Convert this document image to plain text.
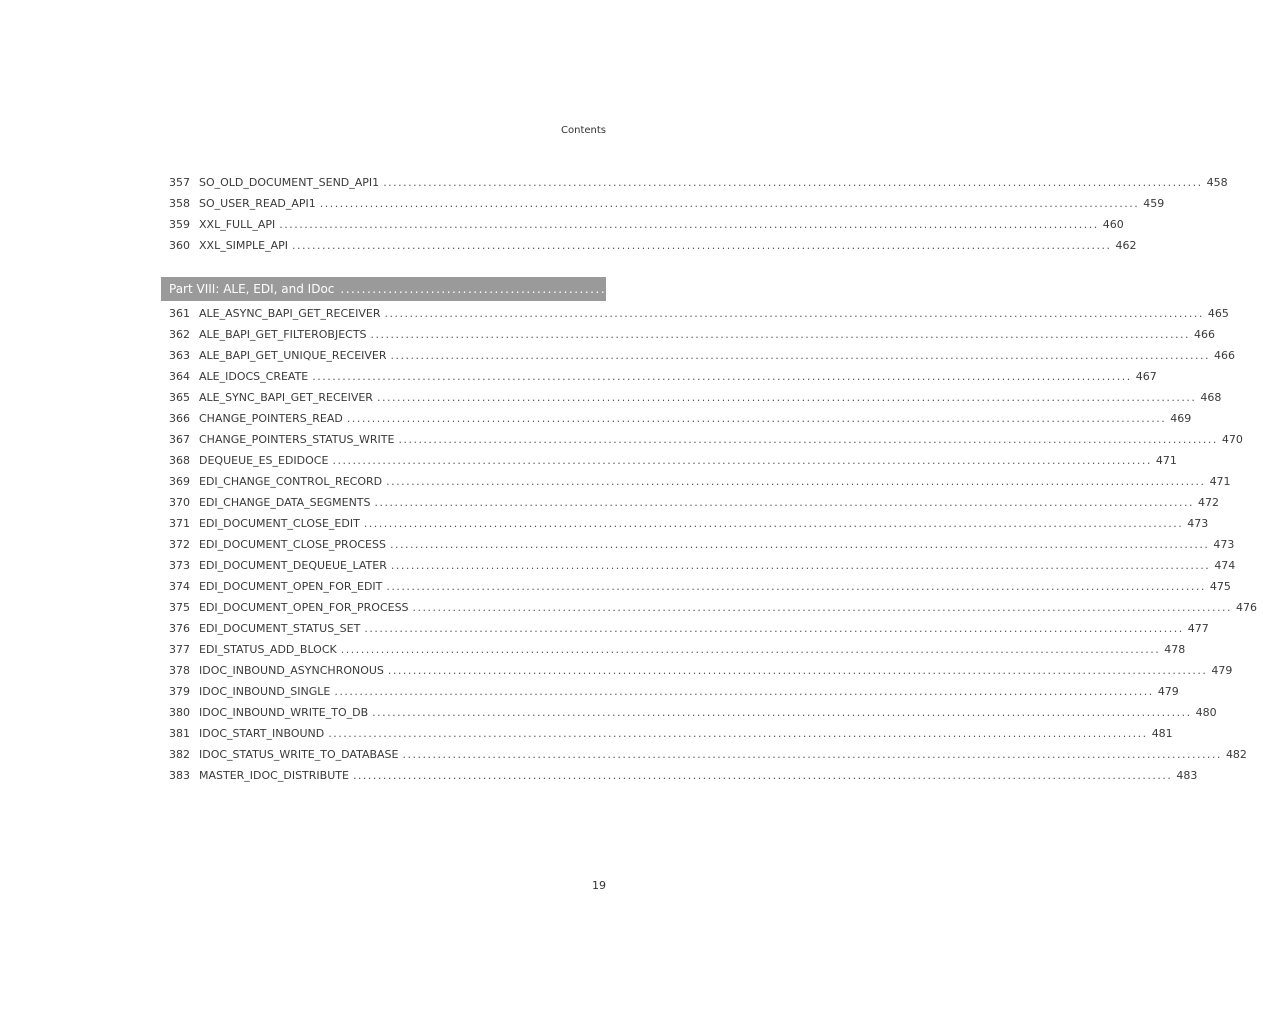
Contents
357 SO_OLD_DOCUMENT_SEND_API1 .................................................................................................................................................................... 458
358 SO_USER_READ_API1 .................................................................................................................................................................... 459
359 XXL_FULL_API .................................................................................................................................................................... 460
360 XXL_SIMPLE_API .................................................................................................................................................................... 462
Part VIII: ALE, EDI, and IDoc .................................................................................................................................................................... 463
361 ALE_ASYNC_BAPI_GET_RECEIVER .................................................................................................................................................................... 465
362 ALE_BAPI_GET_FILTEROBJECTS .................................................................................................................................................................... 466
363 ALE_BAPI_GET_UNIQUE_RECEIVER .................................................................................................................................................................... 466
364 ALE_IDOCS_CREATE .................................................................................................................................................................... 467
365 ALE_SYNC_BAPI_GET_RECEIVER .................................................................................................................................................................... 468
366 CHANGE_POINTERS_READ .................................................................................................................................................................... 469
367 CHANGE_POINTERS_STATUS_WRITE .................................................................................................................................................................... 470
368 DEQUEUE_ES_EDIDOCE .................................................................................................................................................................... 471
369 EDI_CHANGE_CONTROL_RECORD .................................................................................................................................................................... 471
370 EDI_CHANGE_DATA_SEGMENTS .................................................................................................................................................................... 472
371 EDI_DOCUMENT_CLOSE_EDIT .................................................................................................................................................................... 473
372 EDI_DOCUMENT_CLOSE_PROCESS .................................................................................................................................................................... 473
373 EDI_DOCUMENT_DEQUEUE_LATER .................................................................................................................................................................... 474
374 EDI_DOCUMENT_OPEN_FOR_EDIT .................................................................................................................................................................... 475
375 EDI_DOCUMENT_OPEN_FOR_PROCESS .................................................................................................................................................................... 476
376 EDI_DOCUMENT_STATUS_SET .................................................................................................................................................................... 477
377 EDI_STATUS_ADD_BLOCK .................................................................................................................................................................... 478
378 IDOC_INBOUND_ASYNCHRONOUS .................................................................................................................................................................... 479
379 IDOC_INBOUND_SINGLE .................................................................................................................................................................... 479
380 IDOC_INBOUND_WRITE_TO_DB .................................................................................................................................................................... 480
381 IDOC_START_INBOUND .................................................................................................................................................................... 481
382 IDOC_STATUS_WRITE_TO_DATABASE .................................................................................................................................................................... 482
383 MASTER_IDOC_DISTRIBUTE .................................................................................................................................................................... 483
19
